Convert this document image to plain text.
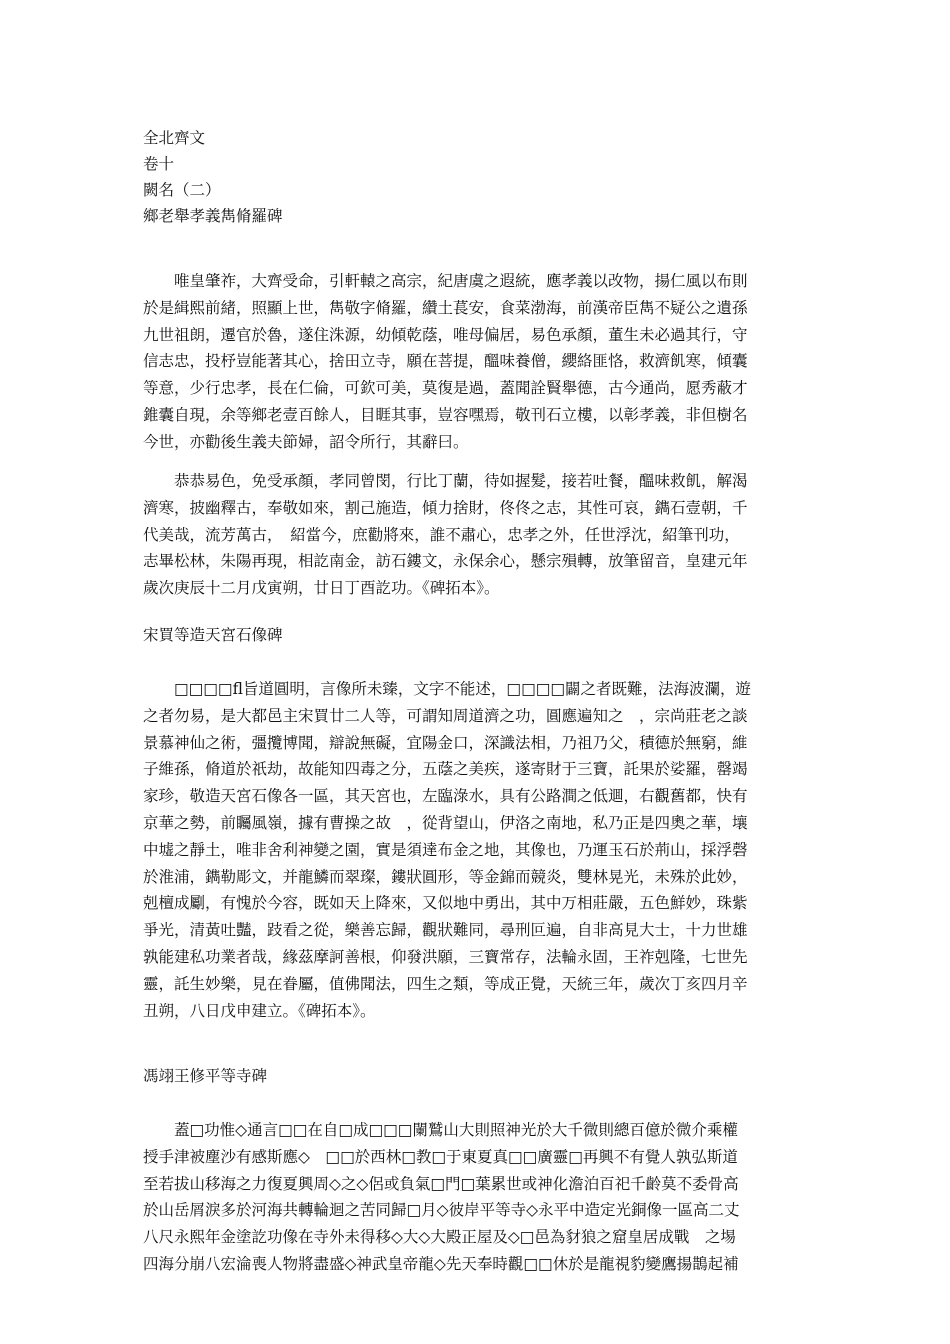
全北齊文
卷十
闕名（二）
鄉老舉孝義雋脩羅碑
　　唯皇肇祚，大齊受命，引軒轅之高宗，紀唐虞之遐統，應孝義以改物，揚仁風以布則
於是緝熙前緒，照顯上世，雋敬字脩羅，纘土萇安，食菜渤海，前漢帝臣雋不疑公之遺孫
九世祖朗，遷官於魯，遂住洙源，幼傾乾蔭，唯母偏居，易色承顏，董生未必過其行，守
信志忠，投杼豈能著其心，捨田立寺，願在菩提，醞味養僧，纓絡匪恪，救濟飢寒，傾囊
等意，少行忠孝，長在仁倫，可欽可美，莫復是過，蓋聞詮賢舉德，古今通尚，愿秀蔽才
錐囊自現，余等鄉老壹百餘人，目睚其事，豈容嘿焉，敬刊石立樓，以彰孝義，非但樹名
今世，亦勸後生義夫節婦，詔令所行，其辭曰。
　　恭恭易色，免受承顏，孝同曾閔，行比丁蘭，待如握髮，接若吐餐，醞味救飢，解渴
濟寒，披幽釋古，奉敬如來，割己施造，傾力捨財，佟佟之志，其性可哀，鐫石壹朝，千
代美哉，流芳萬古，　紹當今，庶勸將來，誰不肅心，忠孝之外，任世浮沈，紹筆刊功，
志畢松林，朱陽再現，相訖南金，訪石鏤文，永保余心，懸宗殞轉，放筆留音，皇建元年
歲次庚辰十二月戊寅朔，廿日丁酉訖功。《碑拓本》。
宋買等造天宮石像碑
　　□□□□fl旨道圓明，言像所未臻，文字不能述，□□□□闢之者既難，法海波瀾，遊
之者勿易，是大都邑主宋買廿二人等，可謂知周道濟之功，圓應遍知之　，宗尚莊老之談
景慕神仙之術，彊攬博聞，辯說無礙，宜陽金口，深識法相，乃祖乃父，積德於無窮，維
子維孫，脩道於祇劫，故能知四毒之分，五蔭之美疾，遂寄財于三寶，託果於娑羅，罄竭
家珍，敬造天宮石像各一區，其天宮也，左臨淥水，具有公路澗之低逥，右觀舊都，快有
京華之勢，前矚風嶺，據有曹操之故　，從背望山，伊洛之南地，私乃正是四奧之華，壤
中墟之靜土，唯非舍利神變之園，實是須達布金之地，其像也，乃運玉石於荊山，採浮磬
於淮浦，鐫勒彫文，并龍鱗而翠璨，鏤狀圓形，等金錦而競炎，雙林晃光，未殊於此妙，
剋檀成劚，有愧於今容，既如天上降來，又似地中勇出，其中万相莊嚴，五色鮮妙，珠紫
爭光，清黃吐豔，跂看之從，樂善忘歸，觀狀難同，尋刑叵遍，自非高見大士，十力世雄
孰能建私功業者哉，緣茲摩訶善根，仰發洪願，三寶常存，法輪永固，王祚剋隆，七世先
靈，託生妙樂，見在眷屬，值佛聞法，四生之類，等成正覺，天統三年，歲次丁亥四月辛
丑朔，八日戊申建立。《碑拓本》。
馮翊王修平等寺碑
　　蓋□功惟◇通言□□在自□成□□□闌鷲山大則照神光於大千微則總百億於微介乘權
授手津被塵沙有感斯應◇　□□於西林□教□于東夏真□□廣靈□再興不有覺人孰弘斯道
至若拔山移海之力復夏興周◇之◇侶或負氣□門□葉累世或神化澹泊百祀千齡莫不委骨高
於山岳屑淚多於河海共轉輪迴之苦同歸□月◇彼岸平等寺◇永平中造定光銅像一區高二丈
八尺永熙年金塗訖功像在寺外未得移◇大◇大殿正屋及◇□邑為豺狼之窟皇居成戰　之埸
四海分崩八宏淪喪人物將盡盛◇神武皇帝龍◇先天奉時觀□□休於是龍視豹變鷹揚鵲起補
